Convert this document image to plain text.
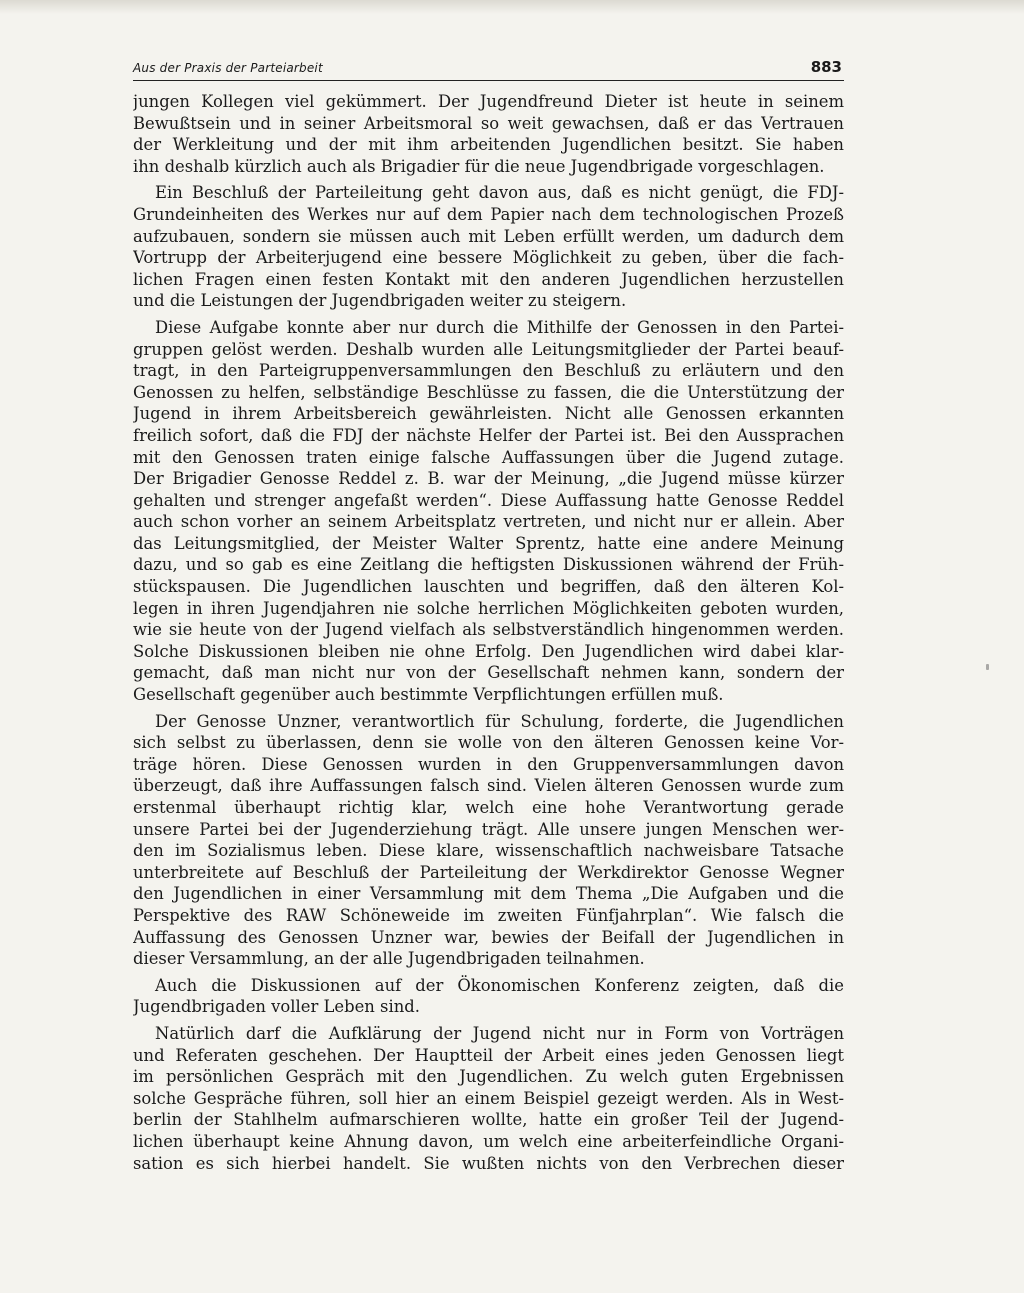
Aus der Praxis der Parteiarbeit	883
jungen Kollegen viel gekümmert. Der Jugendfreund Dieter ist heute in seinem
Bewußtsein und in seiner Arbeitsmoral so weit gewachsen, daß er das Vertrauen
der Werkleitung und der mit ihm arbeitenden Jugendlichen besitzt. Sie haben
ihn deshalb kürzlich auch als Brigadier für die neue Jugendbrigade vorgeschlagen.
Ein Beschluß der Parteileitung geht davon aus, daß es nicht genügt, die FDJ-
Grundeinheiten des Werkes nur auf dem Papier nach dem technologischen Prozeß
aufzubauen, sondern sie müssen auch mit Leben erfüllt werden, um dadurch dem
Vortrupp der Arbeiterjugend eine bessere Möglichkeit zu geben, über die fach-
lichen Fragen einen festen Kontakt mit den anderen Jugendlichen herzustellen
und die Leistungen der Jugendbrigaden weiter zu steigern.
Diese Aufgabe konnte aber nur durch die Mithilfe der Genossen in den Partei-
gruppen gelöst werden. Deshalb wurden alle Leitungsmitglieder der Partei beauf-
tragt, in den Parteigruppenversammlungen den Beschluß zu erläutern und den
Genossen zu helfen, selbständige Beschlüsse zu fassen, die die Unterstützung der
Jugend in ihrem Arbeitsbereich gewährleisten. Nicht alle Genossen erkannten
freilich sofort, daß die FDJ der nächste Helfer der Partei ist. Bei den Aussprachen
mit den Genossen traten einige falsche Auffassungen über die Jugend zutage.
Der Brigadier Genosse Reddel z. B. war der Meinung, „die Jugend müsse kürzer
gehalten und strenger angefaßt werden“. Diese Auffassung hatte Genosse Reddel
auch schon vorher an seinem Arbeitsplatz vertreten, und nicht nur er allein. Aber
das Leitungsmitglied, der Meister Walter Sprentz, hatte eine andere Meinung
dazu, und so gab es eine Zeitlang die heftigsten Diskussionen während der Früh-
stückspausen. Die Jugendlichen lauschten und begriffen, daß den älteren Kol-
legen in ihren Jugendjahren nie solche herrlichen Möglichkeiten geboten wurden,
wie sie heute von der Jugend vielfach als selbstverständlich hingenommen werden.
Solche Diskussionen bleiben nie ohne Erfolg. Den Jugendlichen wird dabei klar-
gemacht, daß man nicht nur von der Gesellschaft nehmen kann, sondern der
Gesellschaft gegenüber auch bestimmte Verpflichtungen erfüllen muß.
Der Genosse Unzner, verantwortlich für Schulung, forderte, die Jugendlichen
sich selbst zu überlassen, denn sie wolle von den älteren Genossen keine Vor-
träge hören. Diese Genossen wurden in den Gruppenversammlungen davon
überzeugt, daß ihre Auffassungen falsch sind. Vielen älteren Genossen wurde zum
erstenmal überhaupt richtig klar, welch eine hohe Verantwortung gerade
unsere Partei bei der Jugenderziehung trägt. Alle unsere jungen Menschen wer-
den im Sozialismus leben. Diese klare, wissenschaftlich nachweisbare Tatsache
unterbreitete auf Beschluß der Parteileitung der Werkdirektor Genosse Wegner
den Jugendlichen in einer Versammlung mit dem Thema „Die Aufgaben und die
Perspektive des RAW Schöneweide im zweiten Fünfjahrplan“. Wie falsch die
Auffassung des Genossen Unzner war, bewies der Beifall der Jugendlichen in
dieser Versammlung, an der alle Jugendbrigaden teilnahmen.
Auch die Diskussionen auf der Ökonomischen Konferenz zeigten, daß die
Jugendbrigaden voller Leben sind.
Natürlich darf die Aufklärung der Jugend nicht nur in Form von Vorträgen
und Referaten geschehen. Der Hauptteil der Arbeit eines jeden Genossen liegt
im persönlichen Gespräch mit den Jugendlichen. Zu welch guten Ergebnissen
solche Gespräche führen, soll hier an einem Beispiel gezeigt werden. Als in West-
berlin der Stahlhelm aufmarschieren wollte, hatte ein großer Teil der Jugend-
lichen überhaupt keine Ahnung davon, um welch eine arbeiterfeindliche Organi-
sation es sich hierbei handelt. Sie wußten nichts von den Verbrechen dieser
